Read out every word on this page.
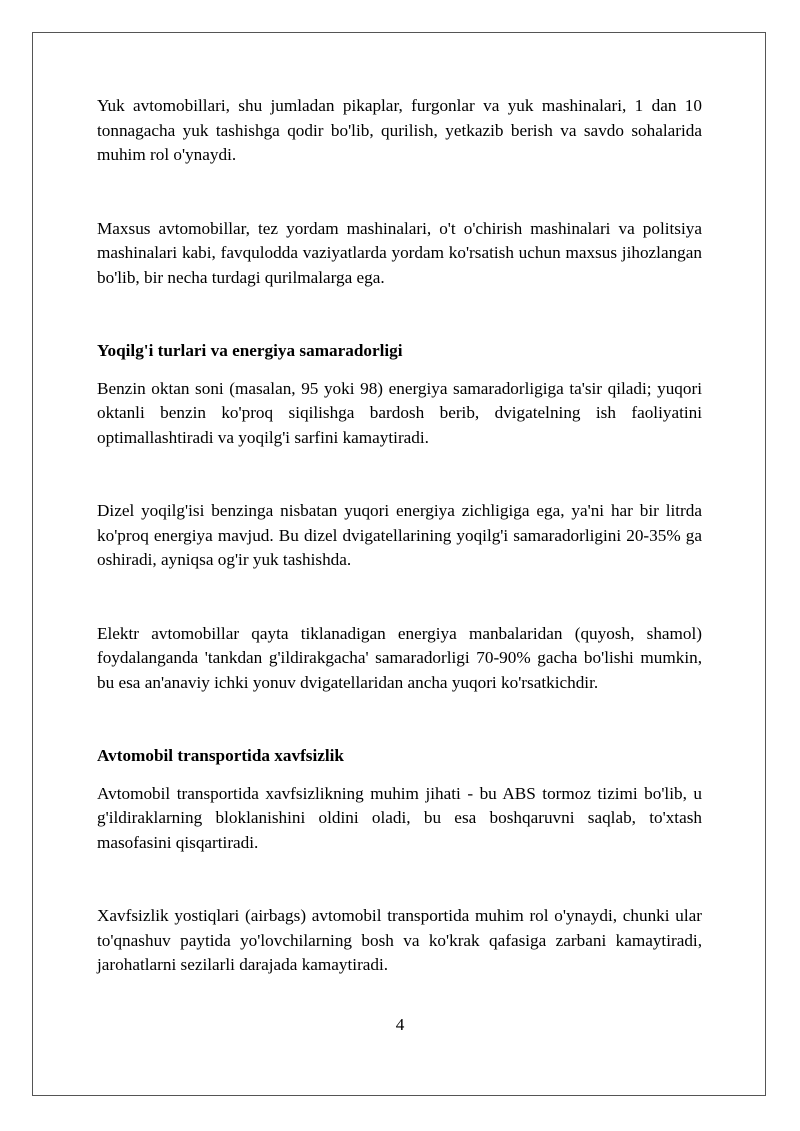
Yuk avtomobillari, shu jumladan pikaplar, furgonlar va yuk mashinalari, 1 dan 10 tonnagacha yuk tashishga qodir bo'lib, qurilish, yetkazib berish va savdo sohalarida muhim rol o'ynaydi.

Maxsus avtomobillar, tez yordam mashinalari, o't o'chirish mashinalari va politsiya mashinalari kabi, favqulodda vaziyatlarda yordam ko'rsatish uchun maxsus jihozlangan bo'lib, bir necha turdagi qurilmalarga ega.

Yoqilg'i turlari va energiya samaradorligi

Benzin oktan soni (masalan, 95 yoki 98) energiya samaradorligiga ta'sir qiladi; yuqori oktanli benzin ko'proq siqilishga bardosh berib, dvigatelning ish faoliyatini optimallashtiradi va yoqilg'i sarfini kamaytiradi.

Dizel yoqilg'isi benzinga nisbatan yuqori energiya zichligiga ega, ya'ni har bir litrda ko'proq energiya mavjud. Bu dizel dvigatellarining yoqilg'i samaradorligini 20-35% ga oshiradi, ayniqsa og'ir yuk tashishda.

Elektr avtomobillar qayta tiklanadigan energiya manbalaridan (quyosh, shamol) foydalanganda 'tankdan g'ildirakgacha' samaradorligi 70-90% gacha bo'lishi mumkin, bu esa an'anaviy ichki yonuv dvigatellaridan ancha yuqori ko'rsatkichdir.

Avtomobil transportida xavfsizlik

Avtomobil transportida xavfsizlikning muhim jihati - bu ABS tormoz tizimi bo'lib, u g'ildiraklarning bloklanishini oldini oladi, bu esa boshqaruvni saqlab, to'xtash masofasini qisqartiradi.

Xavfsizlik yostiqlari (airbags) avtomobil transportida muhim rol o'ynaydi, chunki ular to'qnashuv paytida yo'lovchilarning bosh va ko'krak qafasiga zarbani kamaytiradi, jarohatlarni sezilarli darajada kamaytiradi.

4
